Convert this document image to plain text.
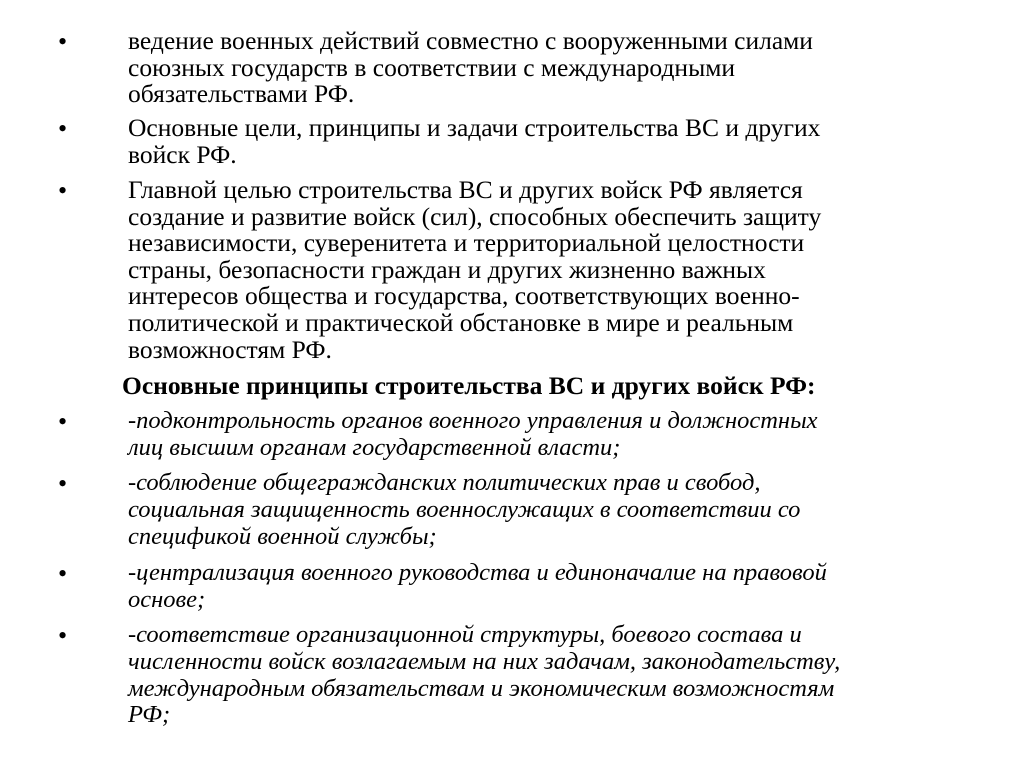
• ведение военных действий совместно с вооруженными силами
союзных государств в соответствии с международными
обязательствами РФ.
• Основные цели, принципы и задачи строительства ВС и других
войск РФ.
• Главной целью строительства ВС и других войск РФ является
создание и развитие войск (сил), способных обеспечить защиту
независимости, суверенитета и территориальной целостности
страны, безопасности граждан и других жизненно важных
интересов общества и государства, соответствующих военно-
политической и практической обстановке в мире и реальным
возможностям РФ.
Основные принципы строительства ВС и других войск РФ:
• -подконтрольность органов военного управления и должностных
лиц высшим органам государственной власти;
• -соблюдение общегражданских политических прав и свобод,
социальная защищенность военнослужащих в соответствии со
спецификой военной службы;
• -централизация военного руководства и единоначалие на правовой
основе;
• -соответствие организационной структуры, боевого состава и
численности войск возлагаемым на них задачам, законодательству,
международным обязательствам и экономическим возможностям
РФ;
